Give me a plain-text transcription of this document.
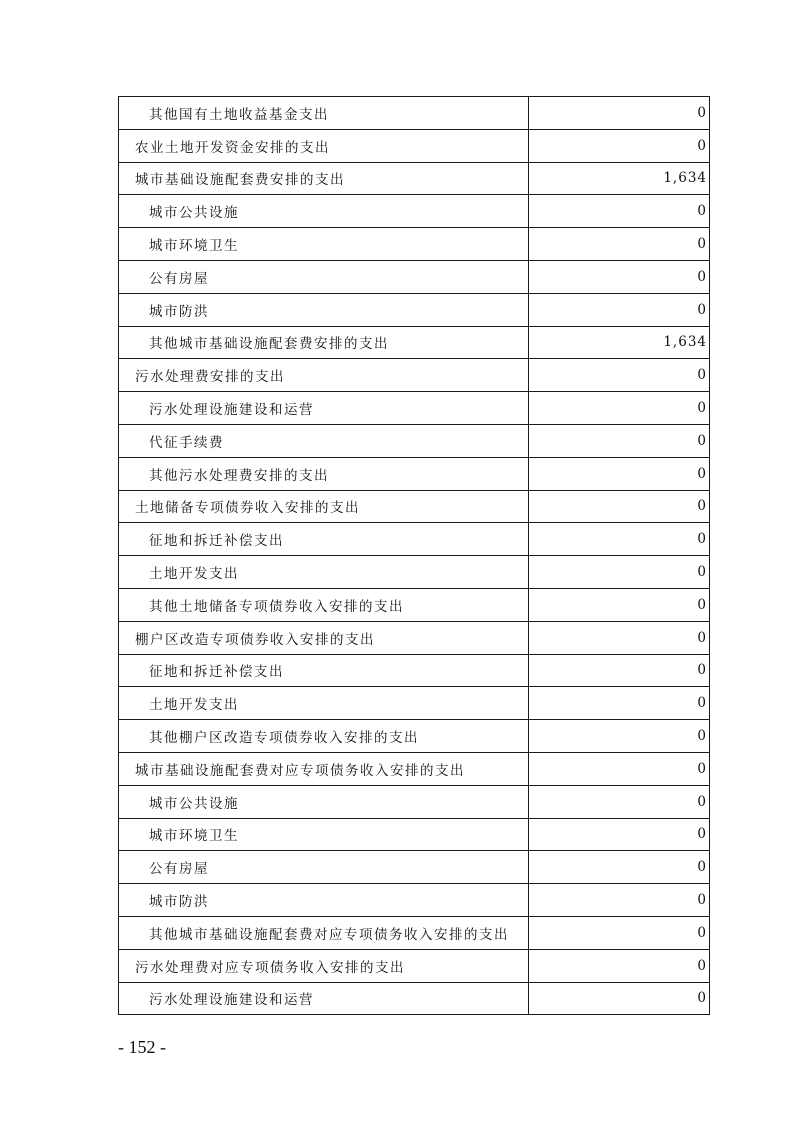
其他国有土地收益基金支出	0
农业土地开发资金安排的支出	0
城市基础设施配套费安排的支出	1,634
城市公共设施	0
城市环境卫生	0
公有房屋	0
城市防洪	0
其他城市基础设施配套费安排的支出	1,634
污水处理费安排的支出	0
污水处理设施建设和运营	0
代征手续费	0
其他污水处理费安排的支出	0
土地储备专项债券收入安排的支出	0
征地和拆迁补偿支出	0
土地开发支出	0
其他土地储备专项债券收入安排的支出	0
棚户区改造专项债券收入安排的支出	0
征地和拆迁补偿支出	0
土地开发支出	0
其他棚户区改造专项债券收入安排的支出	0
城市基础设施配套费对应专项债务收入安排的支出	0
城市公共设施	0
城市环境卫生	0
公有房屋	0
城市防洪	0
其他城市基础设施配套费对应专项债务收入安排的支出	0
污水处理费对应专项债务收入安排的支出	0
污水处理设施建设和运营	0
- 152 -
